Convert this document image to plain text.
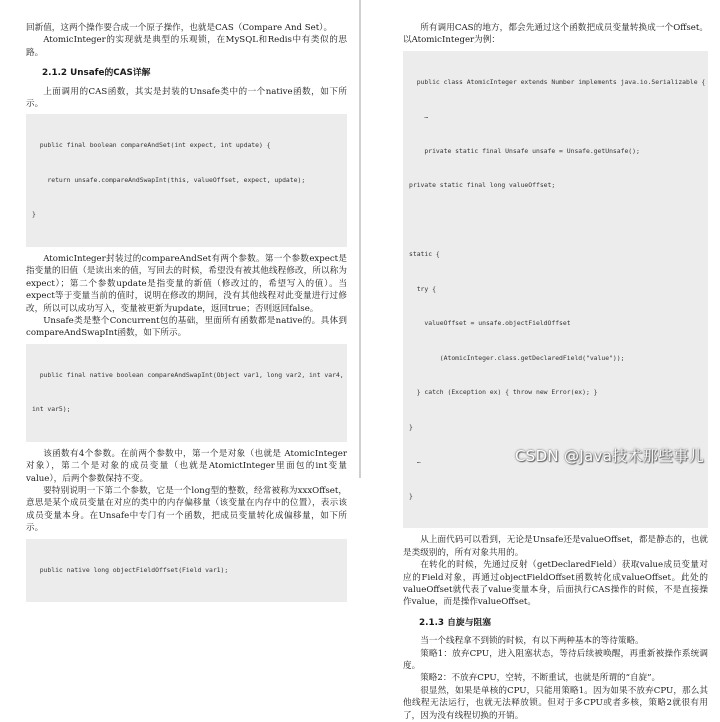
回新值，这两个操作要合成一个原子操作，也就是CAS（Compare And Set）。

AtomicInteger的实现就是典型的乐观锁，在MySQL和Redis中有类似的思路。

2.1.2 Unsafe的CAS详解

上面调用的CAS函数，其实是封装的Unsafe类中的一个native函数，如下所示。

public final boolean compareAndSet(int expect, int update) {

return unsafe.compareAndSwapInt(this, valueOffset, expect, update);

}

AtomicInteger封装过的compareAndSet有两个参数。第一个参数expect是指变量的旧值（是读出来的值，写回去的时候，希望没有被其他线程修改，所以称为expect）；第二个参数update是指变量的新值（修改过的，希望写入的值）。当expect等于变量当前的值时，说明在修改的期间，没有其他线程对此变量进行过修改，所以可以成功写入，变量被更新为update，返回true；否则返回false。

Unsafe类是整个Concurrent包的基础，里面所有函数都是native的。具体到compareAndSwapInt函数，如下所示。

public final native boolean compareAndSwapInt(Object var1, long var2, int var4,

int var5);

该函数有4个参数。在前两个参数中，第一个是对象（也就是 AtomicInteger 对象），第二个是对象的成员变量（也就是AtomictInteger里面包的int变量value），后两个参数保持不变。

要特别说明一下第二个参数，它是一个long型的整数，经常被称为xxxOffset，意思是某个成员变量在对应的类中的内存偏移量（该变量在内存中的位置），表示该成员变量本身。在Unsafe中专门有一个函数，把成员变量转化成偏移量，如下所示。

public native long objectFieldOffset(Field var1);

所有调用CAS的地方，都会先通过这个函数把成员变量转换成一个Offset。以AtomicInteger为例：

public class AtomicInteger extends Number implements java.io.Serializable {

…

private static final Unsafe unsafe = Unsafe.getUnsafe();

private static final long valueOffset;

static {

try {

valueOffset = unsafe.objectFieldOffset

(AtomicInteger.class.getDeclaredField("value"));

} catch (Exception ex) { throw new Error(ex); }

}

…

}

从上面代码可以看到，无论是Unsafe还是valueOffset，都是静态的，也就是类级别的，所有对象共用的。

在转化的时候，先通过反射（getDeclaredField）获取value成员变量对应的Field对象，再通过objectFieldOffset函数转化成valueOffset。此处的valueOffset就代表了value变量本身，后面执行CAS操作的时候，不是直接操作value，而是操作valueOffset。

2.1.3 自旋与阻塞

当一个线程拿不到锁的时候，有以下两种基本的等待策略。

策略1：放弃CPU，进入阻塞状态，等待后续被唤醒，再重新被操作系统调度。

策略2：不放弃CPU，空转，不断重试，也就是所谓的“自旋”。

很显然，如果是单核的CPU，只能用策略1。因为如果不放弃CPU，那么其他线程无法运行，也就无法释放锁。但对于多CPU或者多核，策略2就很有用了，因为没有线程切换的开销。

CSDN @Java技术那些事儿
